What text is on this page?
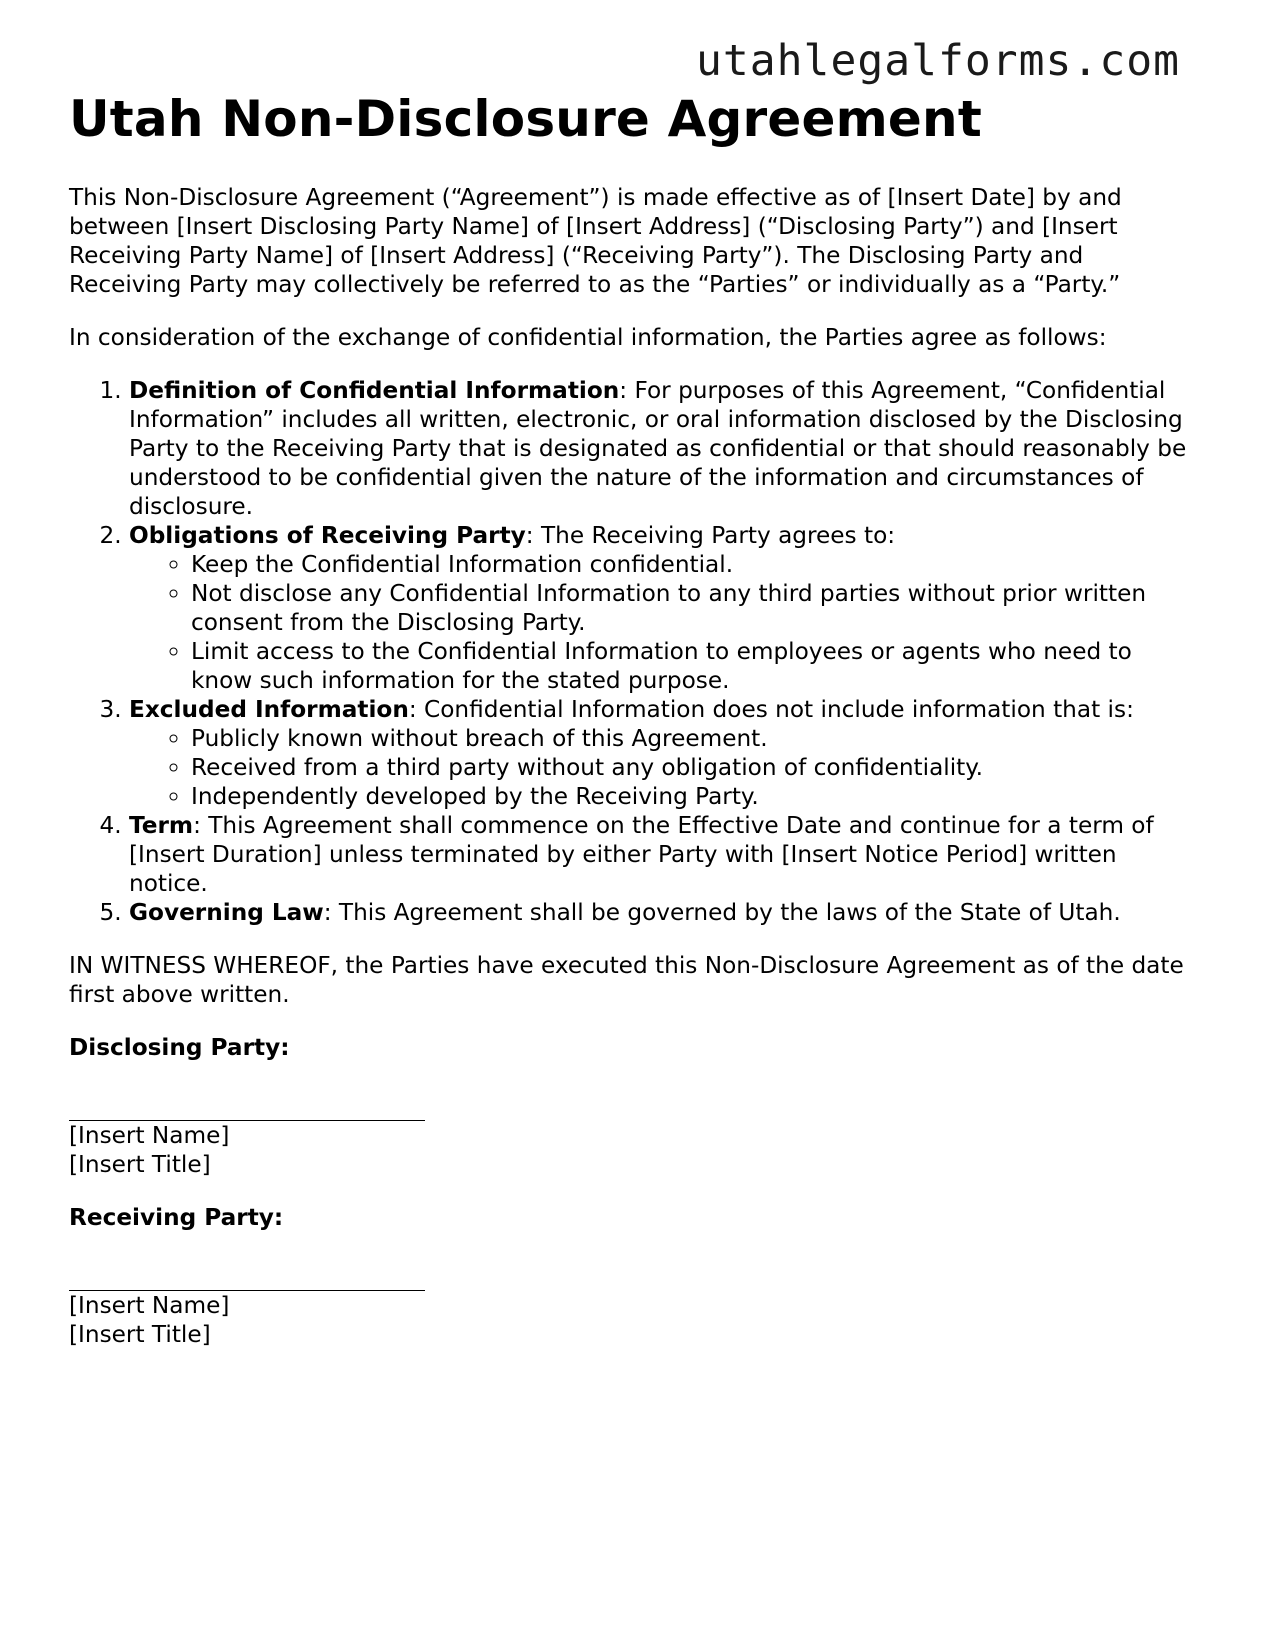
utahlegalforms.com
Utah Non-Disclosure Agreement

This Non-Disclosure Agreement (“Agreement”) is made effective as of [Insert Date] by and between [Insert Disclosing Party Name] of [Insert Address] (“Disclosing Party”) and [Insert Receiving Party Name] of [Insert Address] (“Receiving Party”). The Disclosing Party and Receiving Party may collectively be referred to as the “Parties” or individually as a “Party.”

In consideration of the exchange of confidential information, the Parties agree as follows:

1. Definition of Confidential Information: For purposes of this Agreement, “Confidential Information” includes all written, electronic, or oral information disclosed by the Disclosing Party to the Receiving Party that is designated as confidential or that should reasonably be understood to be confidential given the nature of the information and circumstances of disclosure.
2. Obligations of Receiving Party: The Receiving Party agrees to:
◦ Keep the Confidential Information confidential.
◦ Not disclose any Confidential Information to any third parties without prior written consent from the Disclosing Party.
◦ Limit access to the Confidential Information to employees or agents who need to know such information for the stated purpose.
3. Excluded Information: Confidential Information does not include information that is:
◦ Publicly known without breach of this Agreement.
◦ Received from a third party without any obligation of confidentiality.
◦ Independently developed by the Receiving Party.
4. Term: This Agreement shall commence on the Effective Date and continue for a term of [Insert Duration] unless terminated by either Party with [Insert Notice Period] written notice.
5. Governing Law: This Agreement shall be governed by the laws of the State of Utah.

IN WITNESS WHEREOF, the Parties have executed this Non-Disclosure Agreement as of the date first above written.

Disclosing Party:

[Insert Name]

[Insert Title]

Receiving Party:

[Insert Name]

[Insert Title]
